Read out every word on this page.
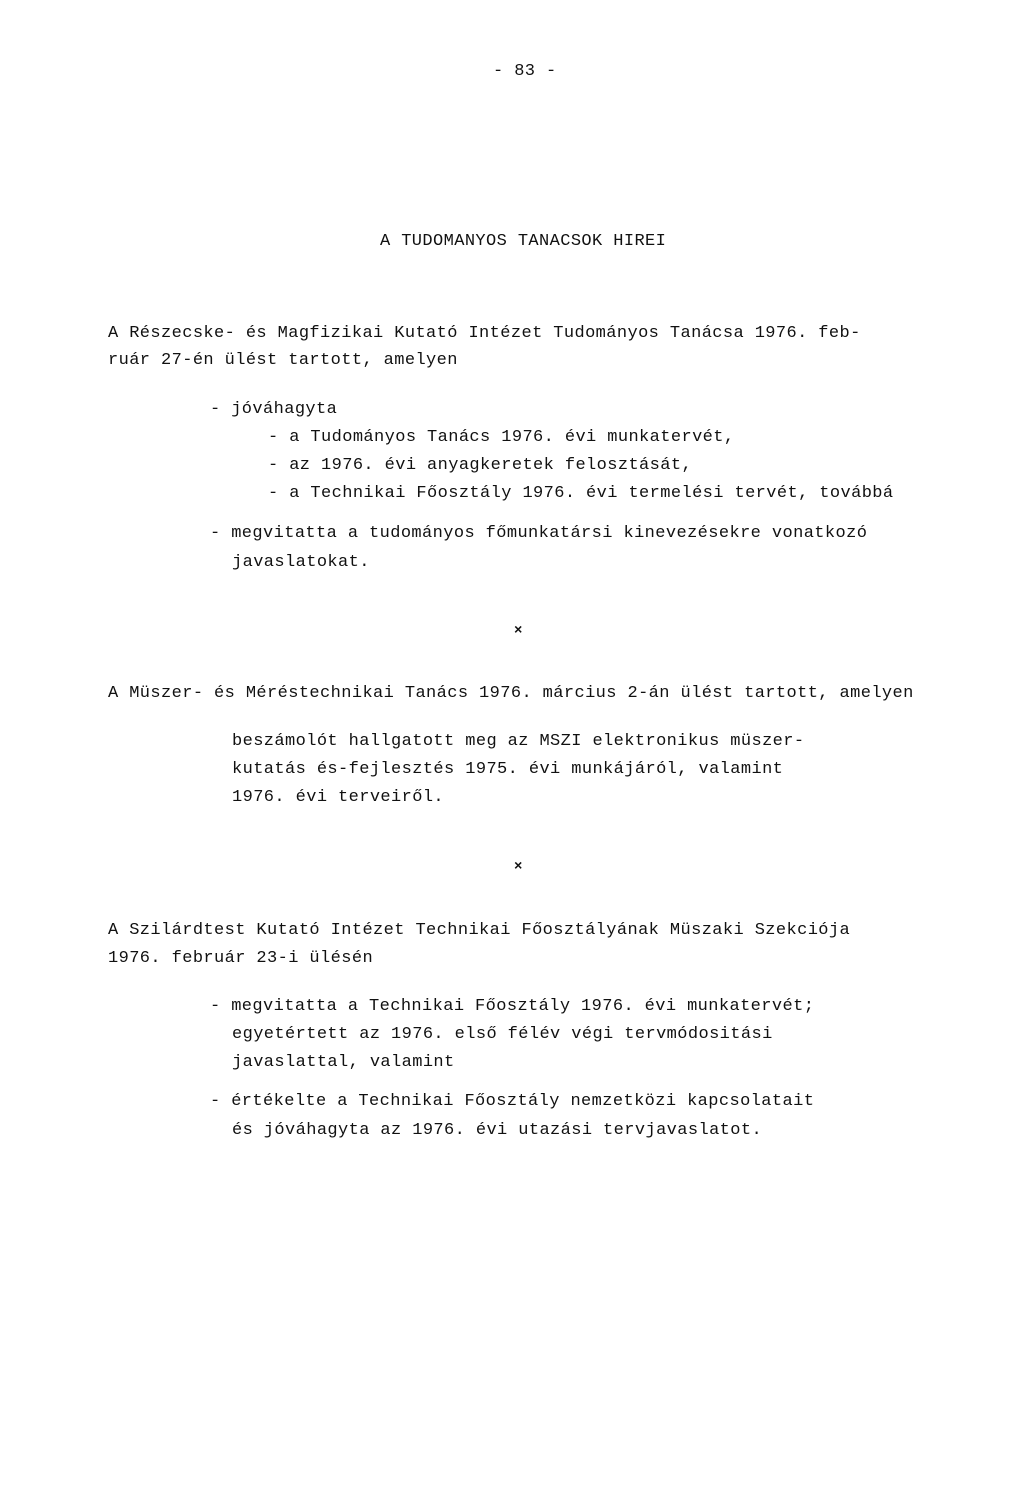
- 83 -
A TUDOMANYOS TANACSOK HIREI
A Részecske- és Magfizikai Kutató Intézet Tudományos Tanácsa 1976. feb-
ruár 27-én ülést tartott, amelyen
- jóváhagyta
- a Tudományos Tanács 1976. évi munkatervét,
- az 1976. évi anyagkeretek felosztását,
- a Technikai Főosztály 1976. évi termelési tervét, továbbá
- megvitatta a tudományos főmunkatársi kinevezésekre vonatkozó
javaslatokat.
×
A Müszer- és Méréstechnikai Tanács 1976. március 2-án ülést tartott, amelyen
beszámolót hallgatott meg az MSZI elektronikus müszer-
kutatás és-fejlesztés 1975. évi munkájáról, valamint
1976. évi terveiről.
×
A Szilárdtest Kutató Intézet Technikai Főosztályának Müszaki Szekciója
1976. február 23-i ülésén
- megvitatta a Technikai Főosztály 1976. évi munkatervét;
egyetértett az 1976. első félév végi tervmódositási
javaslattal, valamint
- értékelte a Technikai Főosztály nemzetközi kapcsolatait
és jóváhagyta az 1976. évi utazási tervjavaslatot.
